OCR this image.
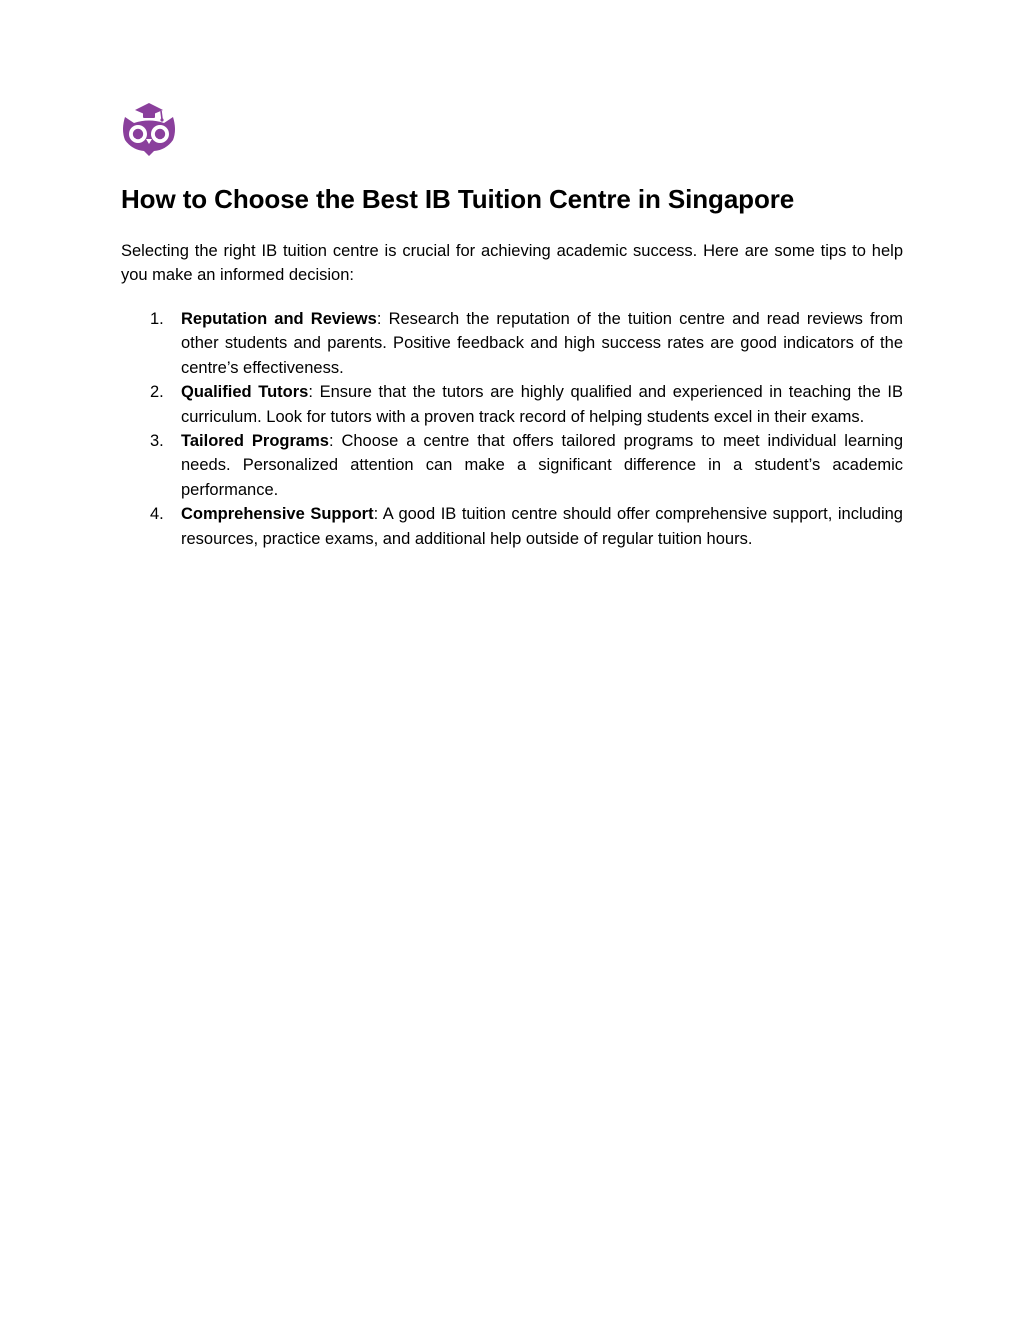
How to Choose the Best IB Tuition Centre in Singapore

Selecting the right IB tuition centre is crucial for achieving academic success. Here are some tips to help you make an informed decision:

1. Reputation and Reviews: Research the reputation of the tuition centre and read reviews from other students and parents. Positive feedback and high success rates are good indicators of the centre’s effectiveness.
2. Qualified Tutors: Ensure that the tutors are highly qualified and experienced in teaching the IB curriculum. Look for tutors with a proven track record of helping students excel in their exams.
3. Tailored Programs: Choose a centre that offers tailored programs to meet individual learning needs. Personalized attention can make a significant difference in a student’s academic performance.
4. Comprehensive Support: A good IB tuition centre should offer comprehensive support, including resources, practice exams, and additional help outside of regular tuition hours.
